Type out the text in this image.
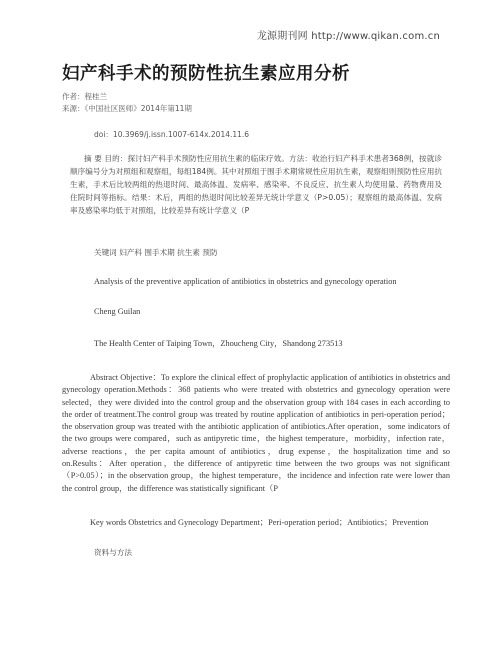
龙源期刊网 http://www.qikan.com.cn
妇产科手术的预防性抗生素应用分析
作者：程桂兰
来源：《中国社区医师》2014年第11期
doi：10.3969/j.issn.1007-614x.2014.11.6

摘 要 目的：探讨妇产科手术预防性应用抗生素的临床疗效。方法：收治行妇产科手术患者368例，按就诊顺序编号分为对照组和观察组，每组184例。其中对照组于围手术期常规性应用抗生素，观察组则预防性应用抗生素，手术后比较两组的热退时间、最高体温、发病率、感染率、不良反应、抗生素人均使用量、药物费用及住院时间等指标。结果：术后，两组的热退时间比较差异无统计学意义（P>0.05）；观察组的最高体温、发病率及感染率均低于对照组，比较差异有统计学意义（P

关键词 妇产科 围手术期 抗生素 预防
Analysis of the preventive application of antibiotics in obstetrics and gynecology operation
Cheng Guilan
The Health Center of Taiping Town，Zhoucheng City，Shandong 273513

Abstract Objective：To explore the clinical effect of prophylactic application of antibiotics in obstetrics and gynecology operation.Methods：368 patients who were treated with obstetrics and gynecology operation were selected，they were divided into the control group and the observation group with 184 cases in each according to the order of treatment.The control group was treated by routine application of antibiotics in peri-operation period；the observation group was treated with the antibiotic application of antibiotics.After operation，some indicators of the two groups were compared，such as antipyretic time，the highest temperature，morbidity，infection rate，adverse reactions，the per capita amount of antibiotics，drug expense，the hospitalization time and so on.Results：After operation，the difference of antipyretic time between the two groups was not significant（P>0.05）；in the observation group，the highest temperature，the incidence and infection rate were lower than the control group，the difference was statistically significant（P

Key words Obstetrics and Gynecology Department；Peri-operation period；Antibiotics；Prevention

资料与方法
